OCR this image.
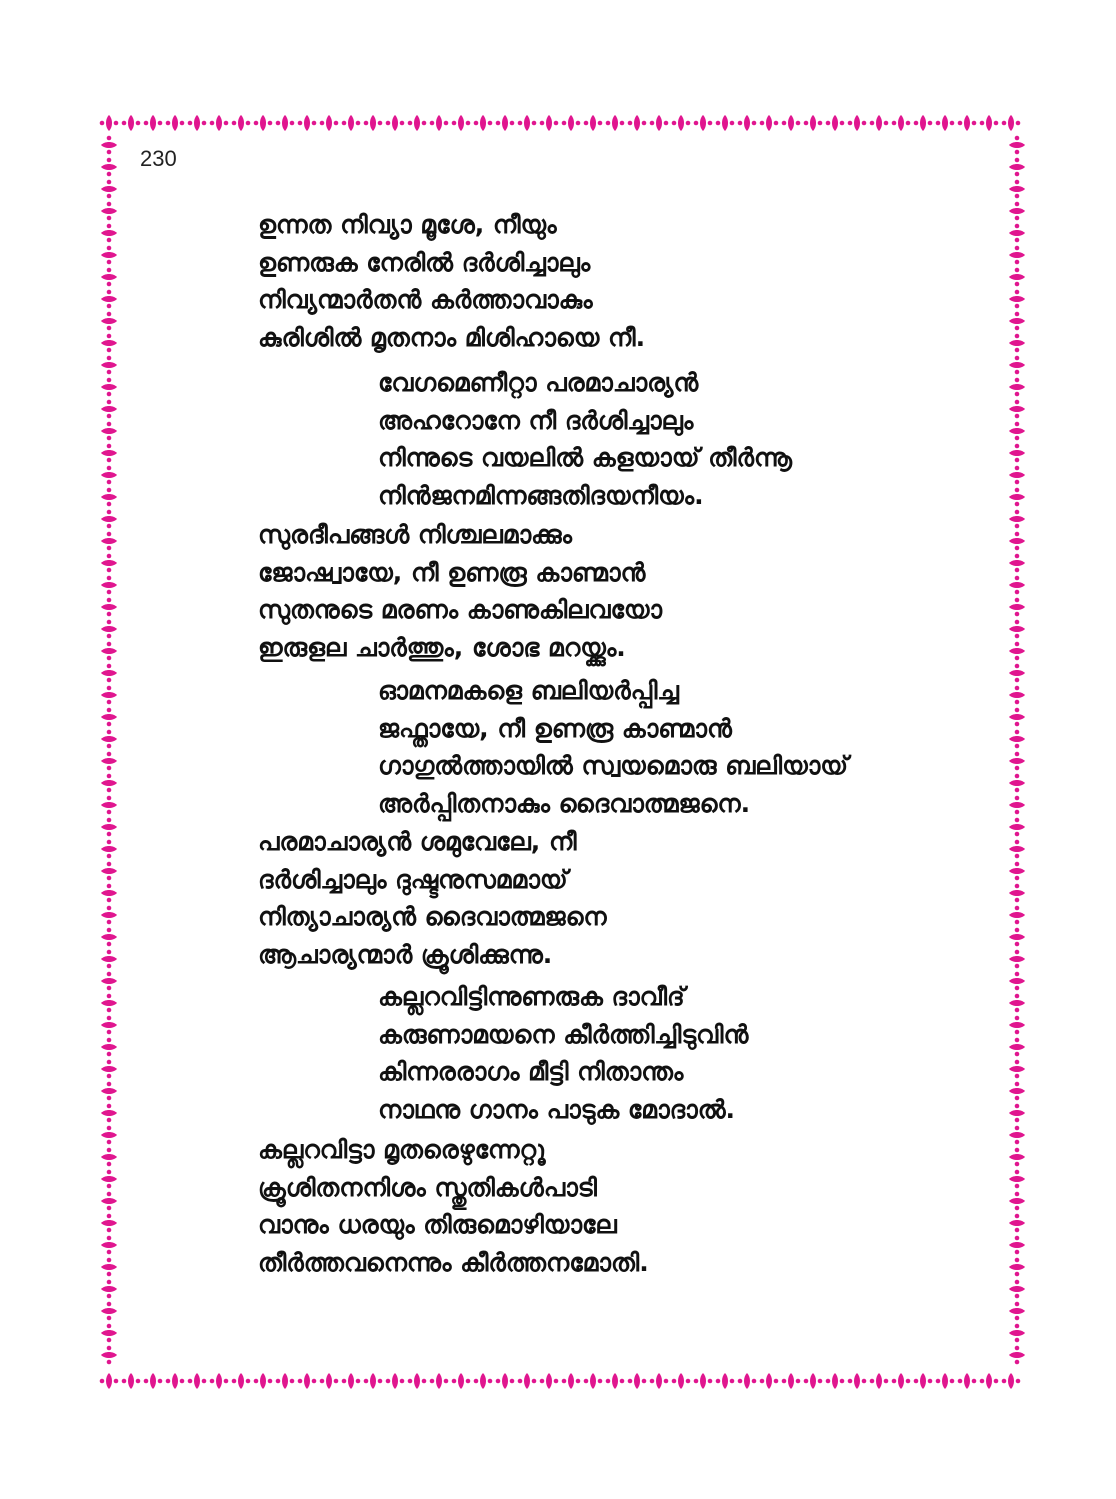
230
ഉന്നത നിവ്യാ മൂശേ, നീയും
ഉണരുക നേരിൽ ദർശിച്ചാലും
നിവ്യന്മാർതൻ കർത്താവാകും
കുരിശിൽ മൃതനാം മിശിഹായെ നീ.
വേഗമെണീറ്റാ പരമാചാര്യൻ
അഹറോനേ നീ ദർശിച്ചാലും
നിന്നുടെ വയലിൽ കളയായ് തീർന്നൂ
നിൻജനമിന്നങ്ങതിദയനീയം.
സുരദീപങ്ങൾ നിശ്ചലമാക്കും
ജോഷ്വായേ, നീ ഉണരൂ കാണ്മാൻ
സുതനുടെ മരണം കാണുകിലവയോ
ഇരുളല ചാർത്തും, ശോഭ മറയ്ക്കും.
ഓമനമകളെ ബലിയർപ്പിച്ച
ജഫ്തായേ, നീ ഉണരൂ കാണ്മാൻ
ഗാഗുൽത്തായിൽ സ്വയമൊരു ബലിയായ്
അർപ്പിതനാകും ദൈവാത്മജനെ.
പരമാചാര്യൻ ശമുവേലേ, നീ
ദർശിച്ചാലും ദുഷ്ടനുസമമായ്
നിത്യാചാര്യൻ ദൈവാത്മജനെ
ആചാര്യന്മാർ ക്രൂശിക്കുന്നു.
കല്ലറവിട്ടിന്നുണരുക ദാവീദ്
കരുണാമയനെ കീർത്തിച്ചിടുവിൻ
കിന്നരരാഗം മീട്ടി നിതാന്തം
നാഥനു ഗാനം പാടുക മോദാൽ.
കല്ലറവിട്ടാ മൃതരെഴുന്നേറ്റൂ
ക്രൂശിതനനിശം സ്തുതികൾപാടി
വാനും ധരയും തിരുമൊഴിയാലേ
തീർത്തവനെന്നും കീർത്തനമോതി.
